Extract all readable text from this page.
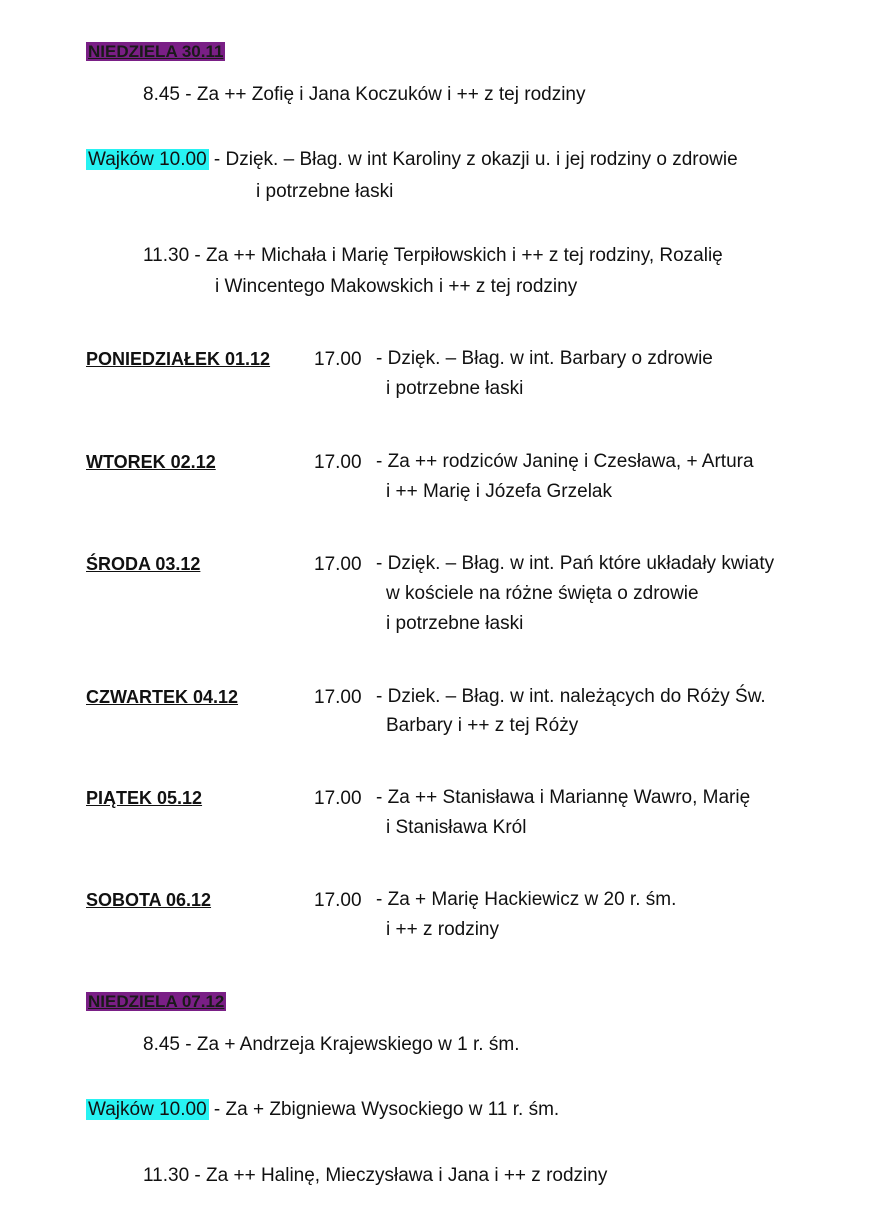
NIEDZIELA 30.11
8.45 - Za ++ Zofię i Jana Koczuków i ++ z tej rodziny
Wajków 10.00 - Dzięk. – Błag. w int Karoliny z okazji u. i jej rodziny o zdrowie
i potrzebne łaski
11.30 - Za ++ Michała i Marię Terpiłowskich i ++ z tej rodziny, Rozalię
i Wincentego Makowskich i ++ z tej rodziny
PONIEDZIAŁEK 01.12 17.00 - Dzięk. – Błag. w int. Barbary o zdrowie
i potrzebne łaski
WTOREK 02.12	17.00 - Za ++ rodziców Janinę i Czesława, + Artura
i ++ Marię i Józefa Grzelak
ŚRODA 03.12	17.00 - Dzięk. – Błag. w int. Pań które układały kwiaty
w kościele na różne święta o zdrowie
i potrzebne łaski
CZWARTEK 04.12	17.00 - Dziek. – Błag. w int. należących do Róży Św.
Barbary i ++ z tej Róży
PIĄTEK 05.12	17.00 - Za ++ Stanisława i Mariannę Wawro, Marię
i Stanisława Król
SOBOTA 06.12	17.00 - Za + Marię Hackiewicz w 20 r. śm.
i ++ z rodziny
NIEDZIELA 07.12
8.45 - Za + Andrzeja Krajewskiego w 1 r. śm.
Wajków 10.00 - Za + Zbigniewa Wysockiego w 11 r. śm.
11.30 - Za ++ Halinę, Mieczysława i Jana i ++ z rodziny
